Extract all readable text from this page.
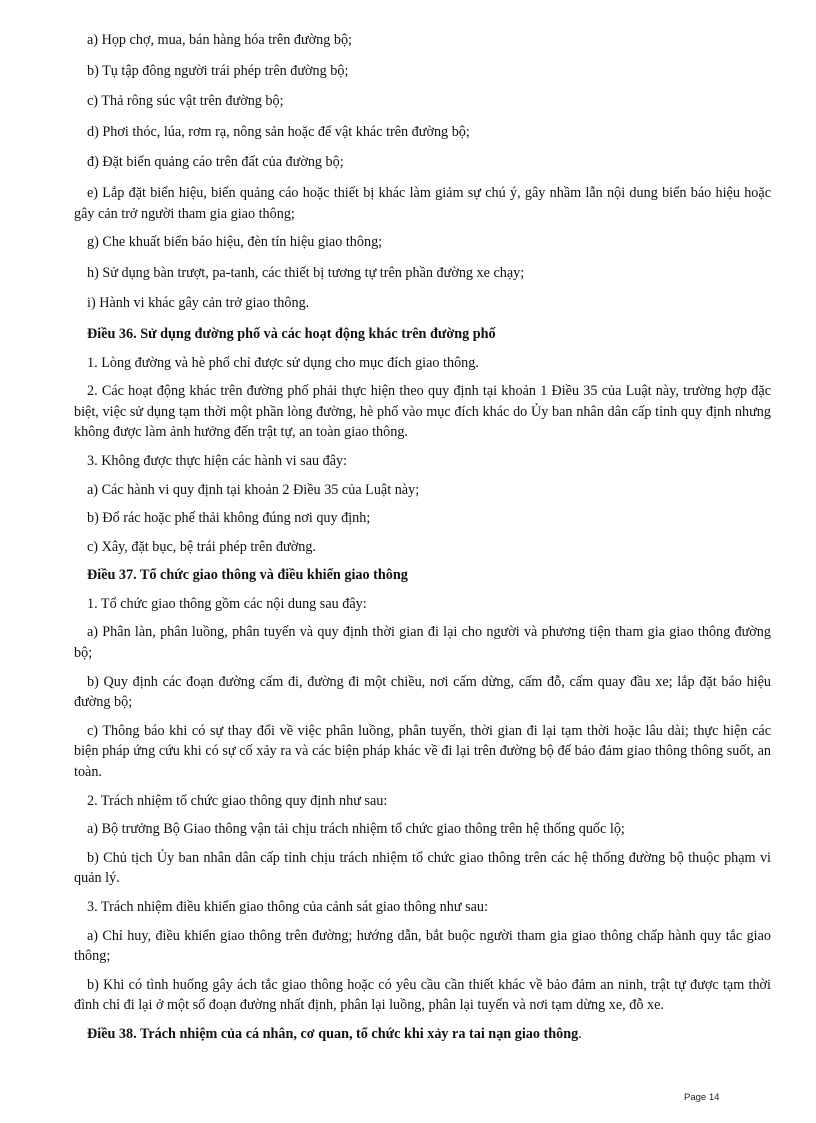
a) Họp chợ, mua, bán hàng hóa trên đường bộ;

b) Tụ tập đông người trái phép trên đường bộ;

c) Thả rông súc vật trên đường bộ;

d) Phơi thóc, lúa, rơm rạ, nông sản hoặc để vật khác trên đường bộ;

đ) Đặt biển quảng cáo trên đất của đường bộ;

e) Lắp đặt biển hiệu, biển quảng cáo hoặc thiết bị khác làm giảm sự chú ý, gây nhầm lẫn nội dung biển báo hiệu hoặc gây cản trở người tham gia giao thông;

g) Che khuất biển báo hiệu, đèn tín hiệu giao thông;

h) Sử dụng bàn trượt, pa-tanh, các thiết bị tương tự trên phần đường xe chạy;

i) Hành vi khác gây cản trở giao thông.

Điều 36. Sử dụng đường phố và các hoạt động khác trên đường phố

1. Lòng đường và hè phố chỉ được sử dụng cho mục đích giao thông.

2. Các hoạt động khác trên đường phố phải thực hiện theo quy định tại khoản 1 Điều 35 của Luật này, trường hợp đặc biệt, việc sử dụng tạm thời một phần lòng đường, hè phố vào mục đích khác do Ủy ban nhân dân cấp tỉnh quy định nhưng không được làm ảnh hưởng đến trật tự, an toàn giao thông.

3. Không được thực hiện các hành vi sau đây:

a) Các hành vi quy định tại khoản 2 Điều 35 của Luật này;

b) Đổ rác hoặc phế thải không đúng nơi quy định;

c) Xây, đặt bục, bệ trái phép trên đường.

Điều 37. Tổ chức giao thông và điều khiển giao thông

1. Tổ chức giao thông gồm các nội dung sau đây:

a) Phân làn, phân luồng, phân tuyến và quy định thời gian đi lại cho người và phương tiện tham gia giao thông đường bộ;

b) Quy định các đoạn đường cấm đi, đường đi một chiều, nơi cấm dừng, cấm đỗ, cấm quay đầu xe; lắp đặt báo hiệu đường bộ;

c) Thông báo khi có sự thay đổi về việc phân luồng, phân tuyến, thời gian đi lại tạm thời hoặc lâu dài; thực hiện các biện pháp ứng cứu khi có sự cố xảy ra và các biện pháp khác về đi lại trên đường bộ để bảo đảm giao thông thông suốt, an toàn.

2. Trách nhiệm tổ chức giao thông quy định như sau:

a) Bộ trưởng Bộ Giao thông vận tải chịu trách nhiệm tổ chức giao thông trên hệ thống quốc lộ;

b) Chủ tịch Ủy ban nhân dân cấp tỉnh chịu trách nhiệm tổ chức giao thông trên các hệ thống đường bộ thuộc phạm vi quản lý.

3. Trách nhiệm điều khiển giao thông của cảnh sát giao thông như sau:

a) Chỉ huy, điều khiển giao thông trên đường; hướng dẫn, bắt buộc người tham gia giao thông chấp hành quy tắc giao thông;

b) Khi có tình huống gây ách tắc giao thông hoặc có yêu cầu cần thiết khác về bảo đảm an ninh, trật tự được tạm thời đình chỉ đi lại ở một số đoạn đường nhất định, phân lại luồng, phân lại tuyến và nơi tạm dừng xe, đỗ xe.

Điều 38. Trách nhiệm của cá nhân, cơ quan, tổ chức khi xảy ra tai nạn giao thông.

Page 14
